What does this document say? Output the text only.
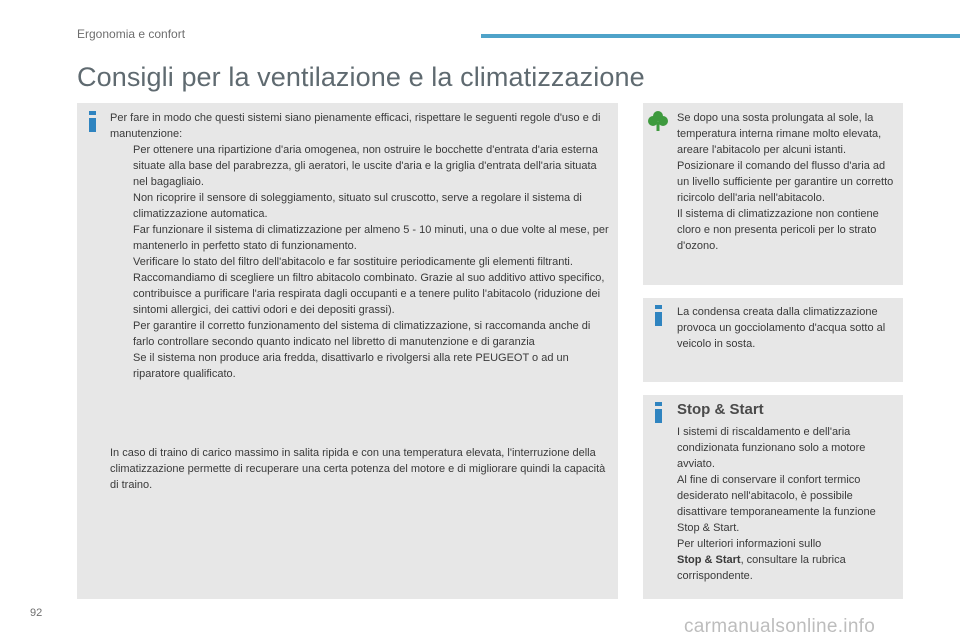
Ergonomia e confort
Consigli per la ventilazione e la climatizzazione
Per fare in modo che questi sistemi siano pienamente efficaci, rispettare le seguenti regole d'uso e di manutenzione:
Per ottenere una ripartizione d'aria omogenea, non ostruire le bocchette d'entrata d'aria esterna situate alla base del parabrezza, gli aeratori, le uscite d'aria e la griglia d'entrata dell'aria situata nel bagagliaio.
Non ricoprire il sensore di soleggiamento, situato sul cruscotto, serve a regolare il sistema di climatizzazione automatica.
Far funzionare il sistema di climatizzazione per almeno 5 - 10 minuti, una o due volte al mese, per mantenerlo in perfetto stato di funzionamento.
Verificare lo stato del filtro dell'abitacolo e far sostituire periodicamente gli elementi filtranti.
Raccomandiamo di scegliere un filtro abitacolo combinato. Grazie al suo additivo attivo specifico, contribuisce a purificare l'aria respirata dagli occupanti e a tenere pulito l'abitacolo (riduzione dei sintomi allergici, dei cattivi odori e dei depositi grassi).
Per garantire il corretto funzionamento del sistema di climatizzazione, si raccomanda anche di farlo controllare secondo quanto indicato nel libretto di manutenzione e di garanzia
Se il sistema non produce aria fredda, disattivarlo e rivolgersi alla rete PEUGEOT o ad un riparatore qualificato.
In caso di traino di carico massimo in salita ripida e con una temperatura elevata, l'interruzione della climatizzazione permette di recuperare una certa potenza del motore e di migliorare quindi la capacità di traino.
Se dopo una sosta prolungata al sole, la temperatura interna rimane molto elevata, areare l'abitacolo per alcuni istanti.
Posizionare il comando del flusso d'aria ad un livello sufficiente per garantire un corretto ricircolo dell'aria nell'abitacolo.
Il sistema di climatizzazione non contiene cloro e non presenta pericoli per lo strato d'ozono.
La condensa creata dalla climatizzazione provoca un gocciolamento d'acqua sotto al veicolo in sosta.
Stop & Start
I sistemi di riscaldamento e dell'aria condizionata funzionano solo a motore avviato.
Al fine di conservare il confort termico desiderato nell'abitacolo, è possibile disattivare temporaneamente la funzione Stop & Start.
Per ulteriori informazioni sullo
Stop & Start, consultare la rubrica corrispondente.
92
carmanualsonline.info
